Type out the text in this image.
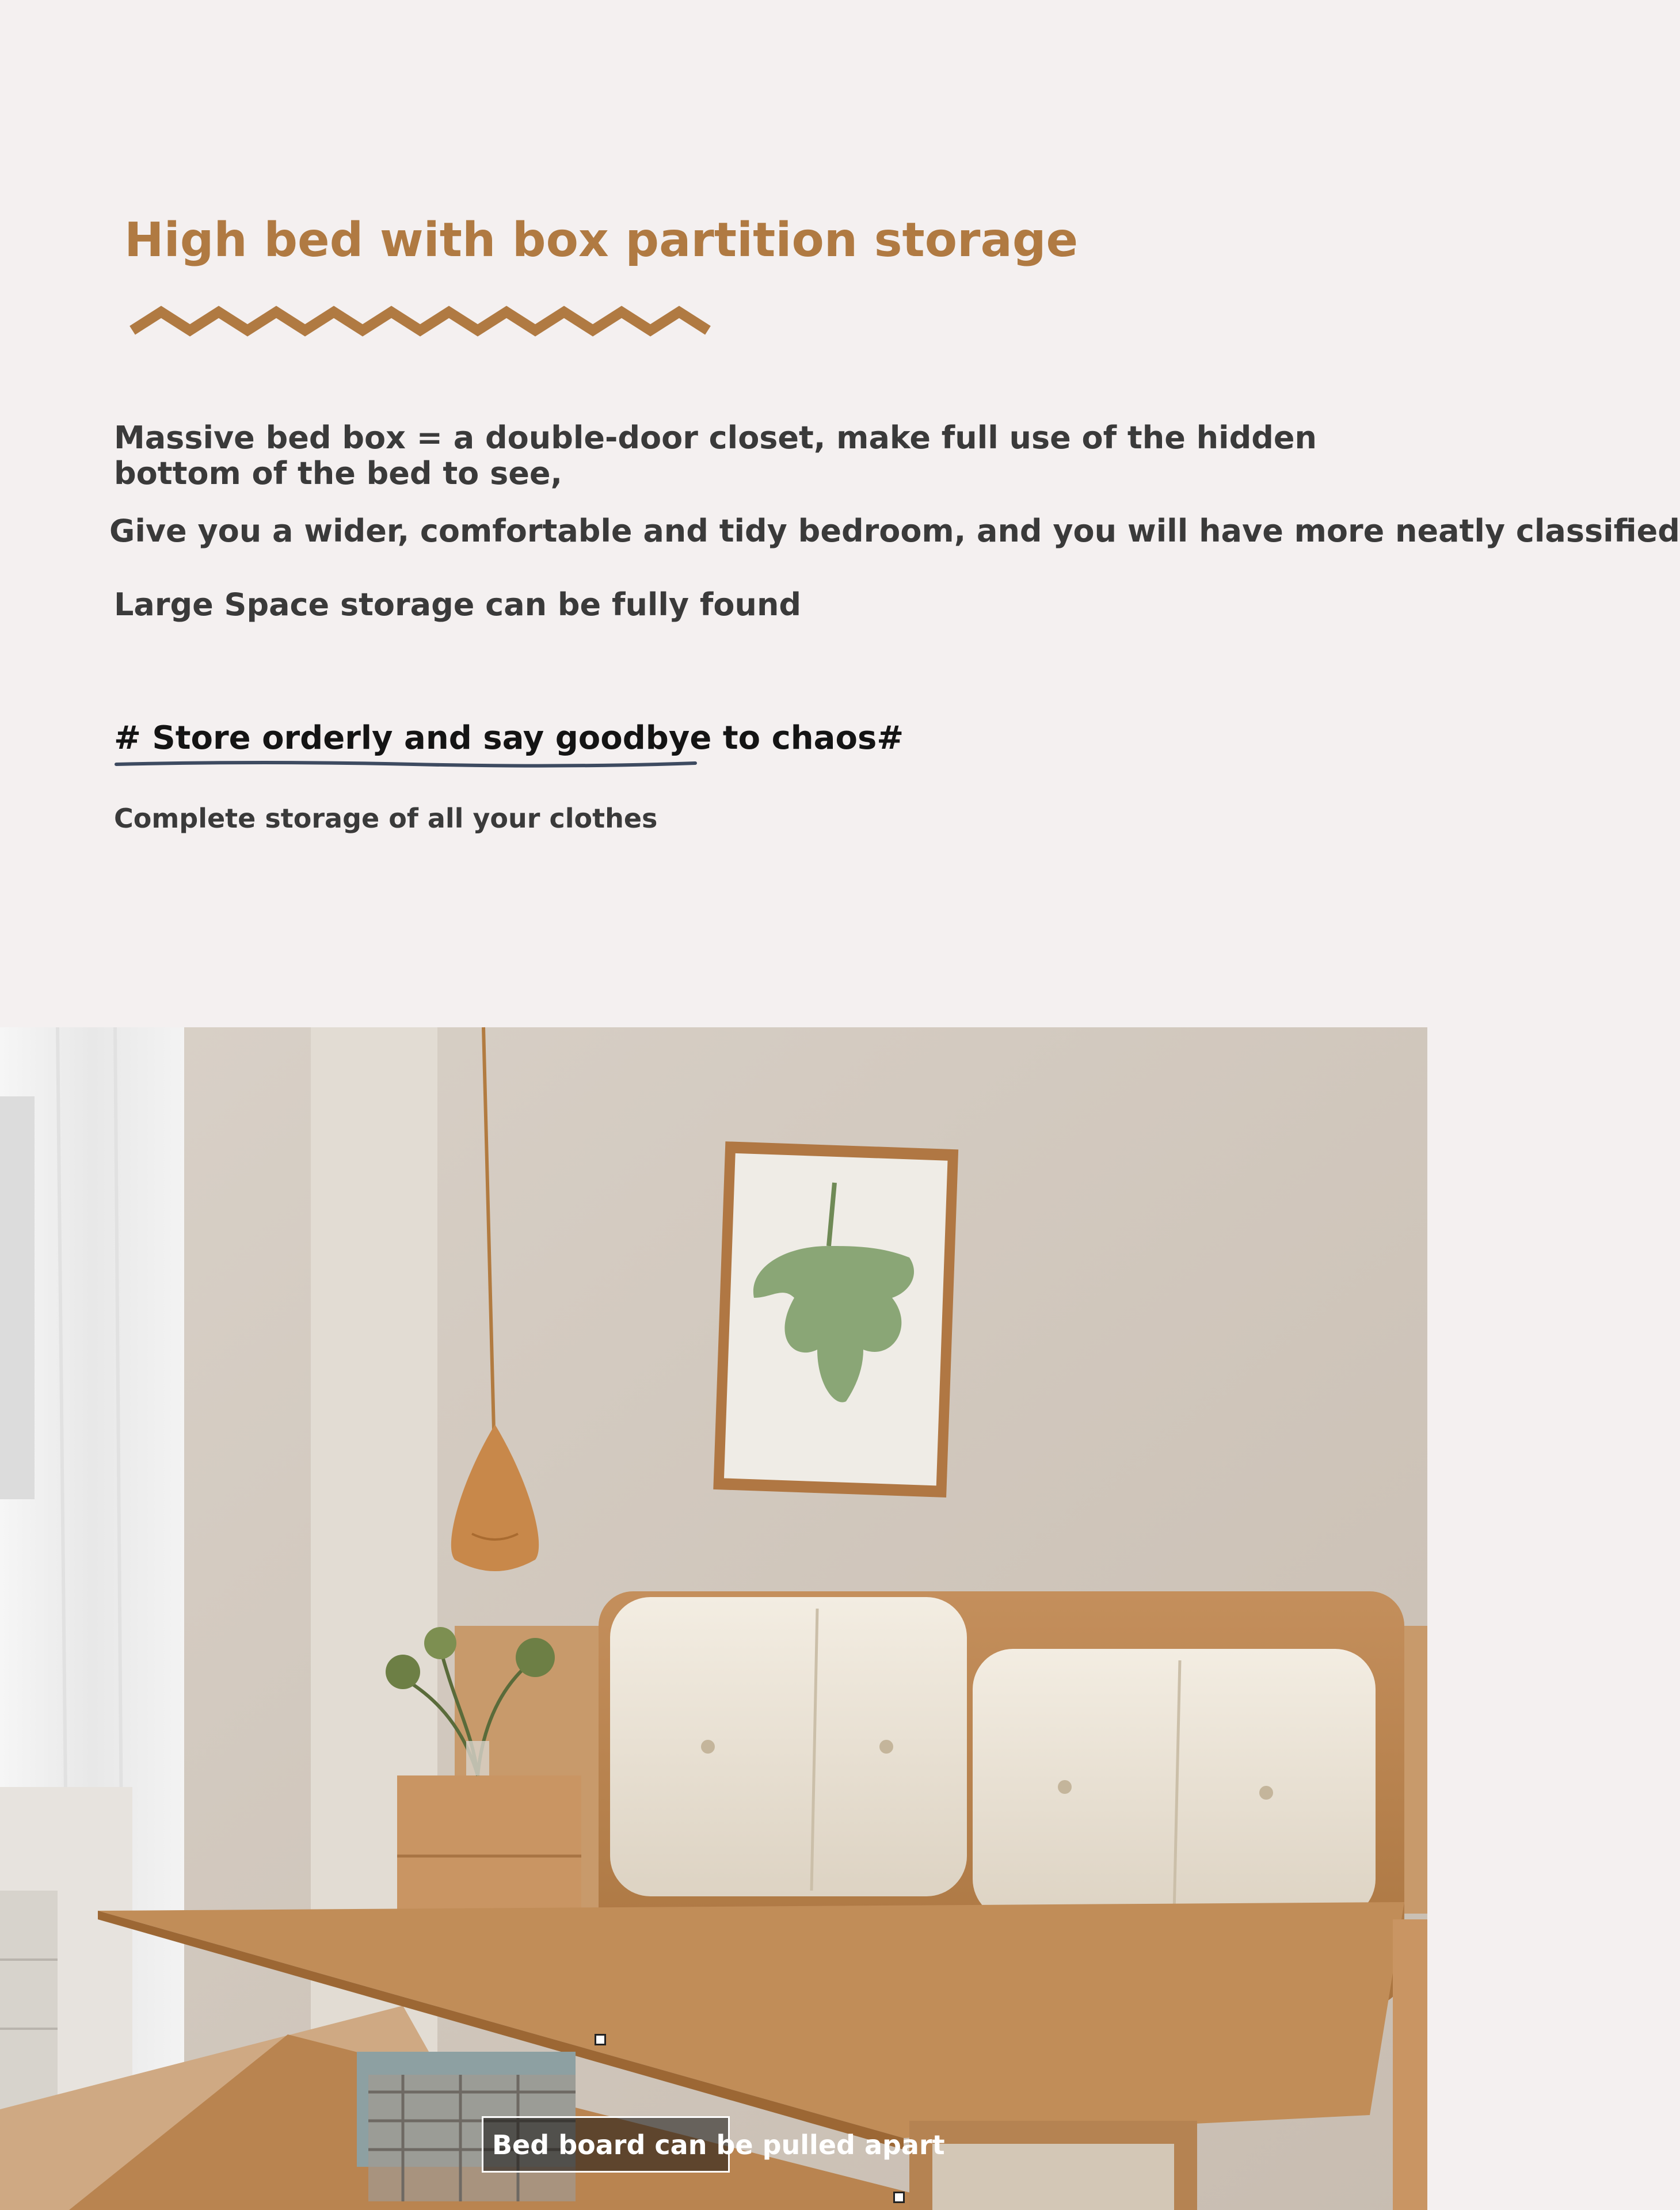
High bed with box partition storage
Massive bed box = a double-door closet, make full use of the hidden
bottom of the bed to see,
Give you a wider, comfortable and tidy bedroom, and you will have more neatly classified
Large Space storage can be fully found
# Store orderly and say goodbye to chaos#
Complete storage of all your clothes
Bed board can be pulled apart
